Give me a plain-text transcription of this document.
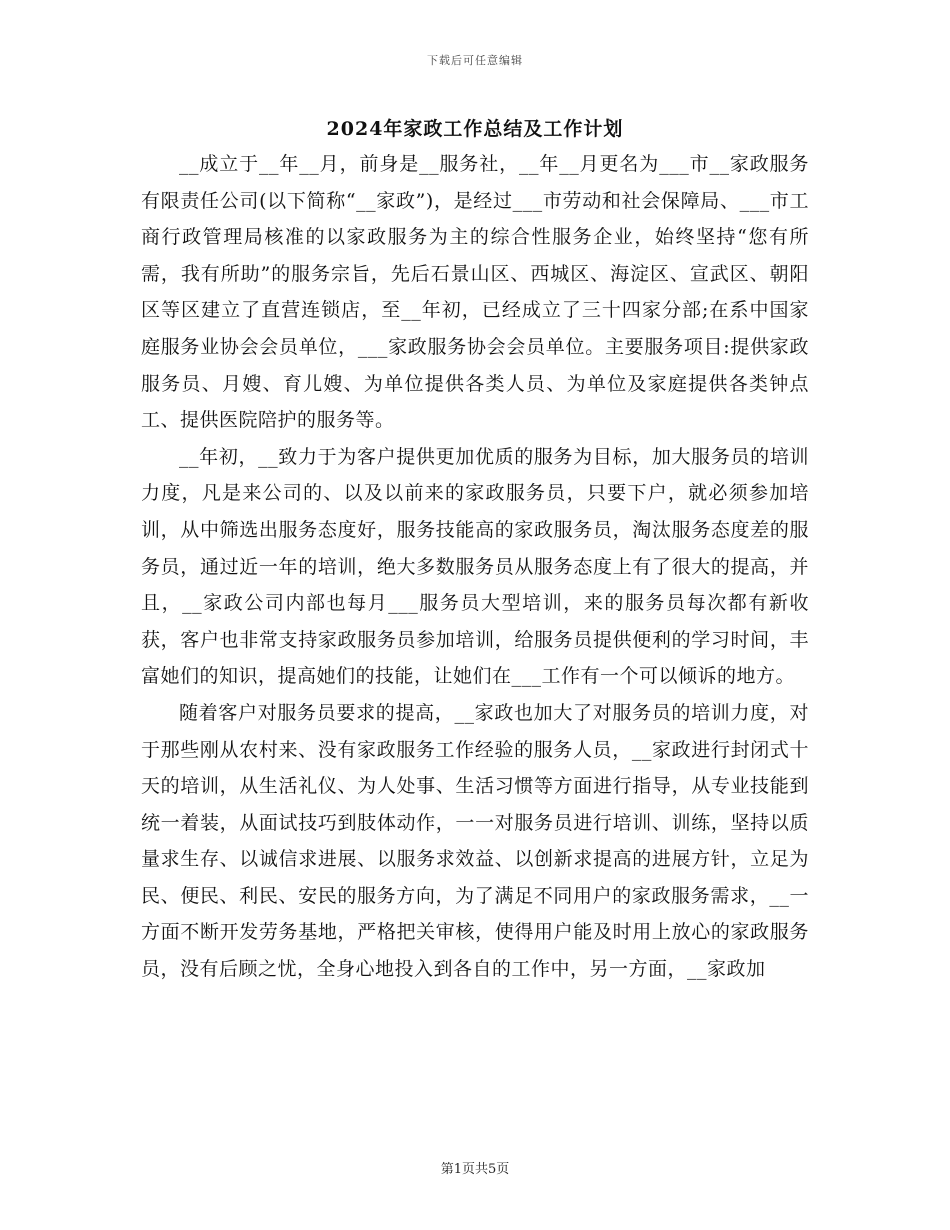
下载后可任意编辑
2024年家政工作总结及工作计划

__成立于__年__月，前身是__服务社，__年__月更名为___市__家政服务有限责任公司(以下简称“__家政”)，是经过___市劳动和社会保障局、___市工商行政管理局核准的以家政服务为主的综合性服务企业，始终坚持“您有所需，我有所助”的服务宗旨，先后石景山区、西城区、海淀区、宣武区、朝阳区等区建立了直营连锁店，至__年初，已经成立了三十四家分部;在系中国家庭服务业协会会员单位，___家政服务协会会员单位。主要服务项目:提供家政服务员、月嫂、育儿嫂、为单位提供各类人员、为单位及家庭提供各类钟点工、提供医院陪护的服务等。

__年初，__致力于为客户提供更加优质的服务为目标，加大服务员的培训力度，凡是来公司的、以及以前来的家政服务员，只要下户，就必须参加培训，从中筛选出服务态度好，服务技能高的家政服务员，淘汰服务态度差的服务员，通过近一年的培训，绝大多数服务员从服务态度上有了很大的提高，并且，__家政公司内部也每月___服务员大型培训，来的服务员每次都有新收获，客户也非常支持家政服务员参加培训，给服务员提供便利的学习时间，丰富她们的知识，提高她们的技能，让她们在___工作有一个可以倾诉的地方。

随着客户对服务员要求的提高，__家政也加大了对服务员的培训力度，对于那些刚从农村来、没有家政服务工作经验的服务人员，__家政进行封闭式十天的培训，从生活礼仪、为人处事、生活习惯等方面进行指导，从专业技能到统一着装，从面试技巧到肢体动作，一一对服务员进行培训、训练，坚持以质量求生存、以诚信求进展、以服务求效益、以创新求提高的进展方针，立足为民、便民、利民、安民的服务方向，为了满足不同用户的家政服务需求，__一方面不断开发劳务基地，严格把关审核，使得用户能及时用上放心的家政服务员，没有后顾之忧，全身心地投入到各自的工作中，另一方面，__家政加

第1页共5页
